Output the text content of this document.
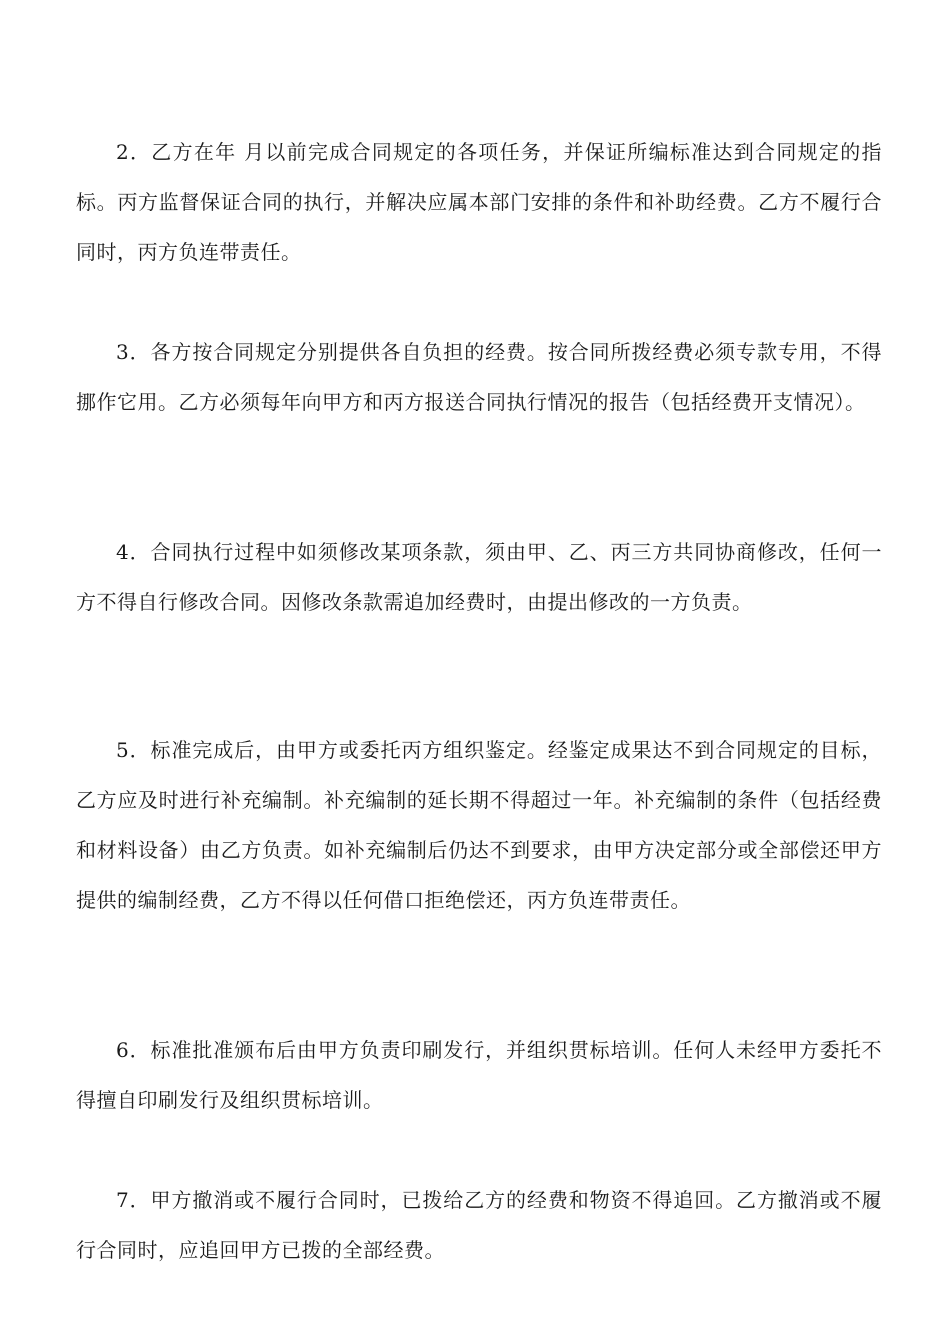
2．乙方在年 月以前完成合同规定的各项任务，并保证所编标准达到合同规定的指标。丙方监督保证合同的执行，并解决应属本部门安排的条件和补助经费。乙方不履行合同时，丙方负连带责任。

3．各方按合同规定分别提供各自负担的经费。按合同所拨经费必须专款专用，不得挪作它用。乙方必须每年向甲方和丙方报送合同执行情况的报告（包括经费开支情况）。

4．合同执行过程中如须修改某项条款，须由甲、乙、丙三方共同协商修改，任何一方不得自行修改合同。因修改条款需追加经费时，由提出修改的一方负责。

5．标准完成后，由甲方或委托丙方组织鉴定。经鉴定成果达不到合同规定的目标，乙方应及时进行补充编制。补充编制的延长期不得超过一年。补充编制的条件（包括经费和材料设备）由乙方负责。如补充编制后仍达不到要求，由甲方决定部分或全部偿还甲方提供的编制经费，乙方不得以任何借口拒绝偿还，丙方负连带责任。

6．标准批准颁布后由甲方负责印刷发行，并组织贯标培训。任何人未经甲方委托不得擅自印刷发行及组织贯标培训。

7．甲方撤消或不履行合同时，已拨给乙方的经费和物资不得追回。乙方撤消或不履行合同时，应追回甲方已拨的全部经费。
